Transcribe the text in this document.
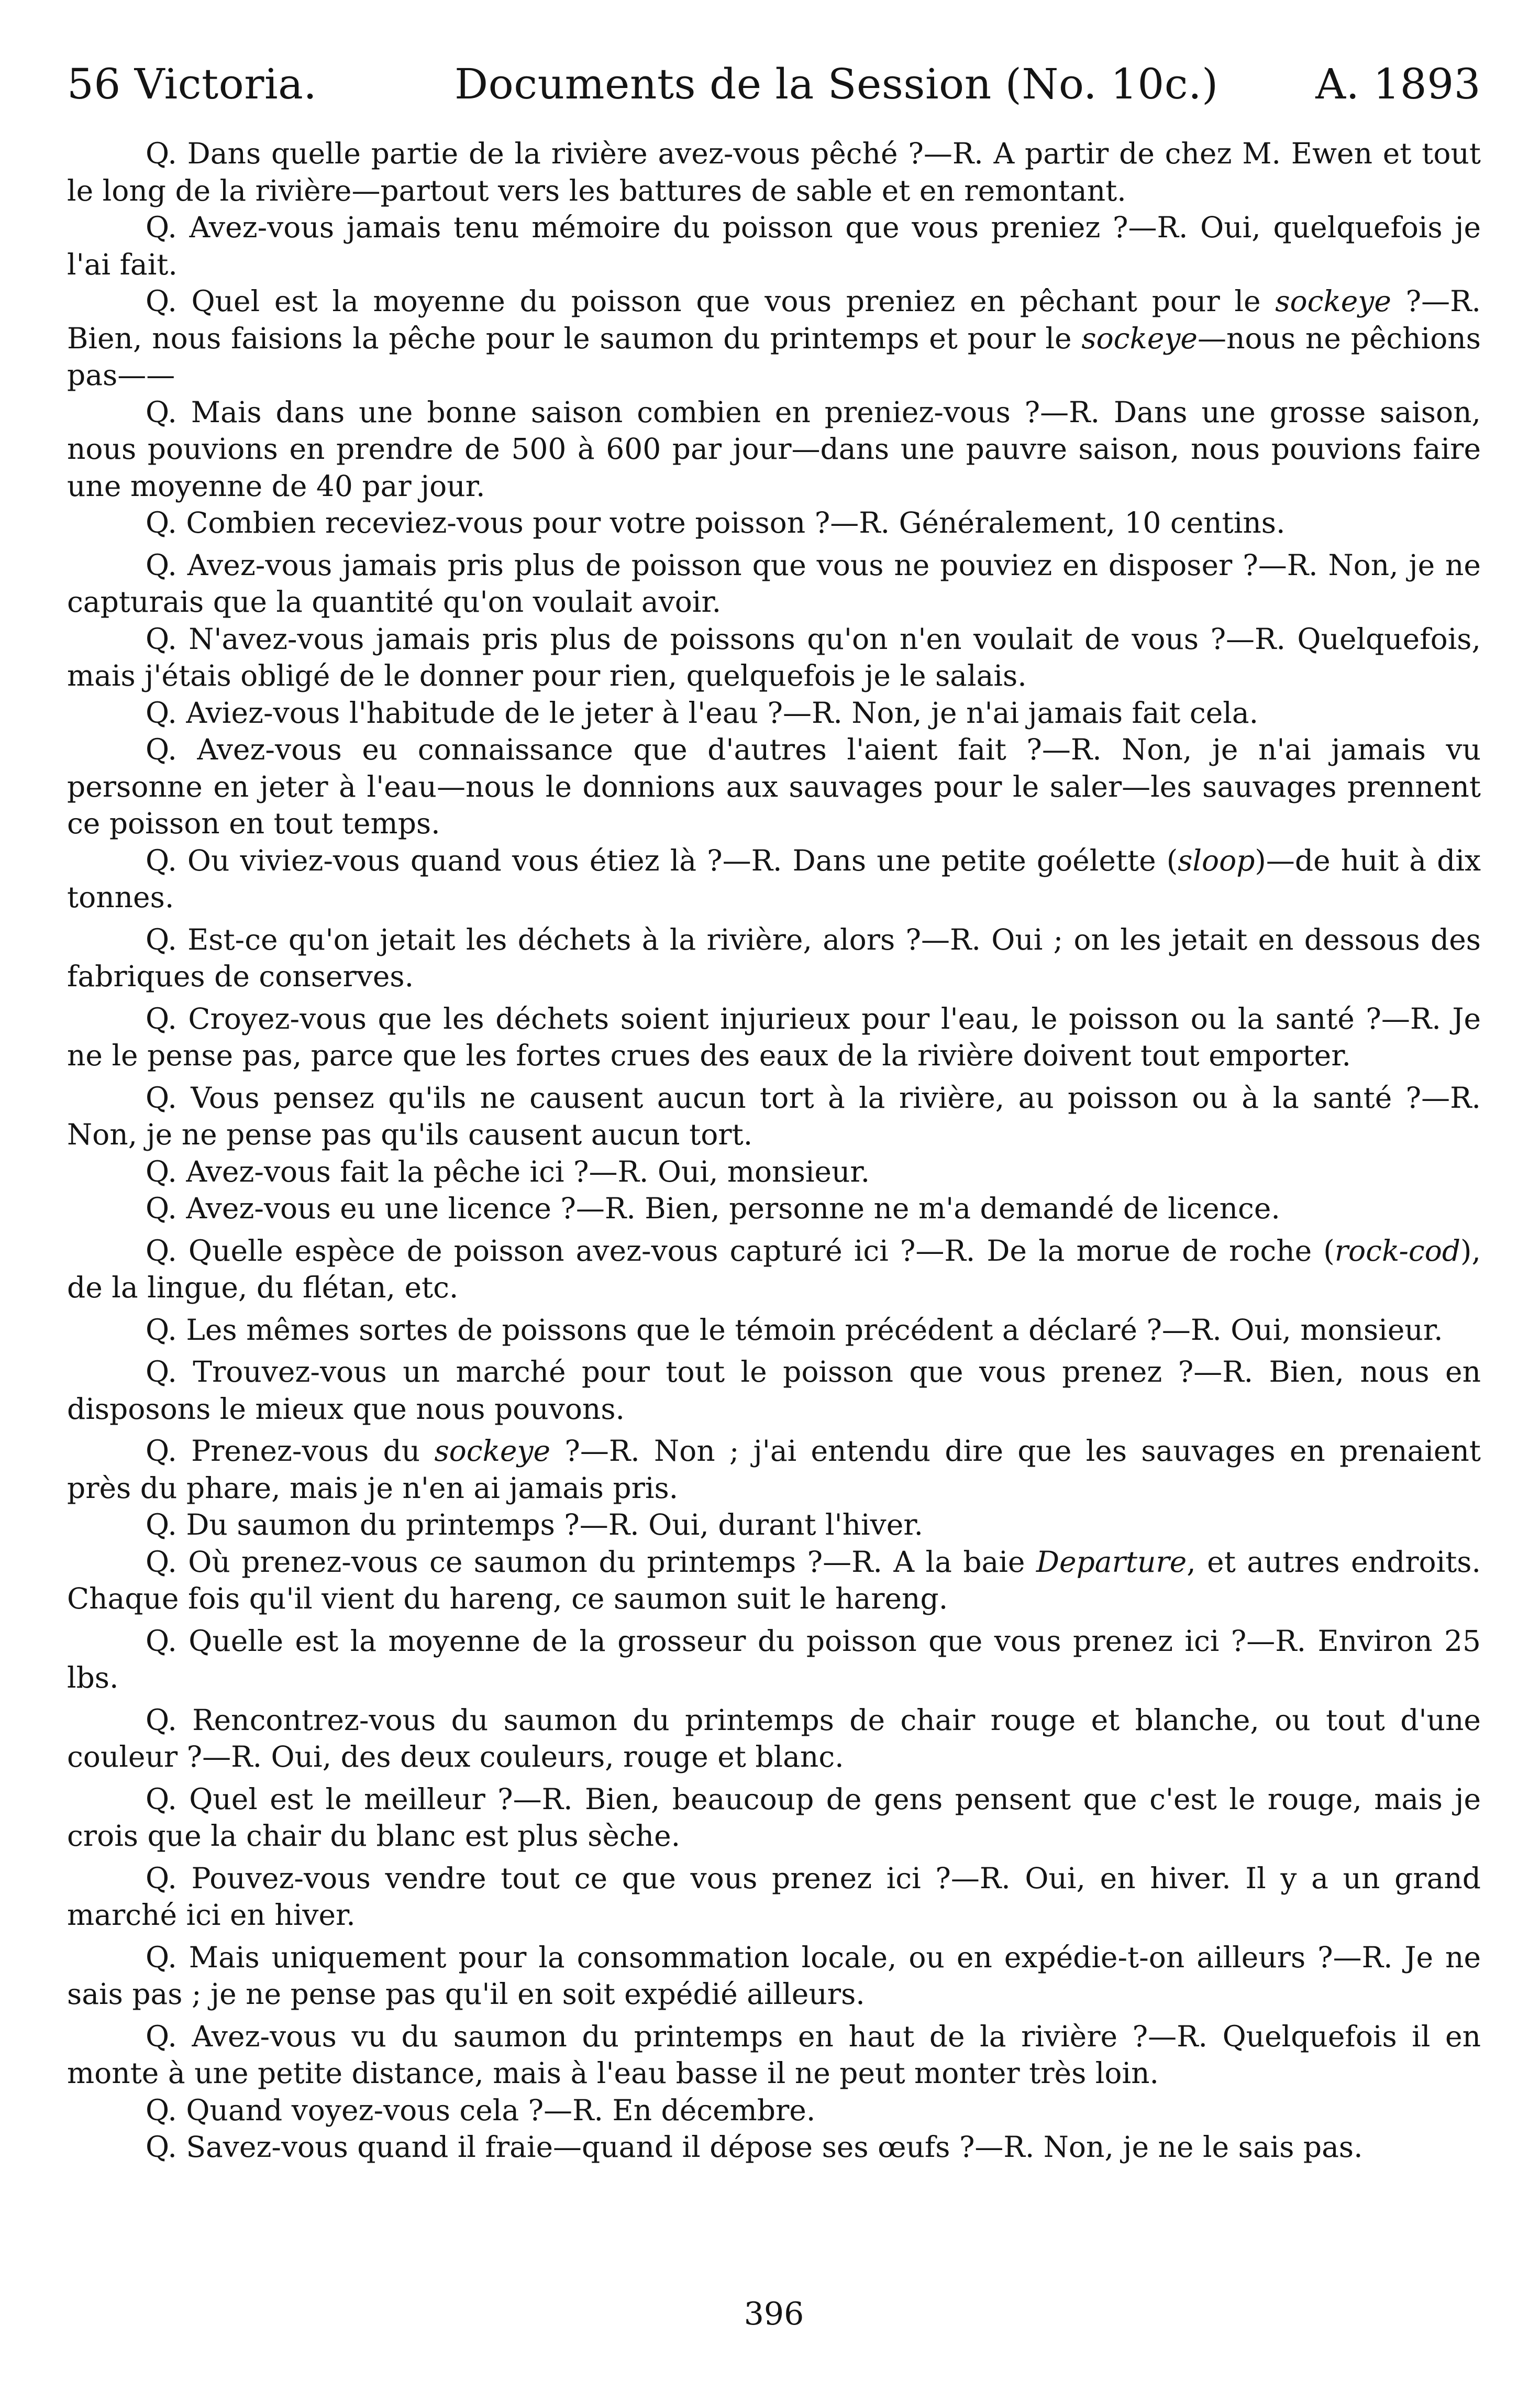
56 Victoria.	Documents de la Session (No. 10c.) A. 1893

Q. Dans quelle partie de la rivière avez-vous pêché ?—R. A partir de chez M. Ewen et tout le long de la rivière—partout vers les battures de sable et en remontant.

Q. Avez-vous jamais tenu mémoire du poisson que vous preniez ?—R. Oui, quelquefois je l'ai fait.

Q. Quel est la moyenne du poisson que vous preniez en pêchant pour le sockeye ?—R. Bien, nous faisions la pêche pour le saumon du printemps et pour le sockeye—nous ne pêchions pas——

Q. Mais dans une bonne saison combien en preniez-vous ?—R. Dans une grosse saison, nous pouvions en prendre de 500 à 600 par jour—dans une pauvre saison, nous pouvions faire une moyenne de 40 par jour.

Q. Combien receviez-vous pour votre poisson ?—R. Généralement, 10 centins.

Q. Avez-vous jamais pris plus de poisson que vous ne pouviez en disposer ?—R. Non, je ne capturais que la quantité qu'on voulait avoir.

Q. N'avez-vous jamais pris plus de poissons qu'on n'en voulait de vous ?—R. Quelquefois, mais j'étais obligé de le donner pour rien, quelquefois je le salais.

Q. Aviez-vous l'habitude de le jeter à l'eau ?—R. Non, je n'ai jamais fait cela.

Q. Avez-vous eu connaissance que d'autres l'aient fait ?—R. Non, je n'ai jamais vu personne en jeter à l'eau—nous le donnions aux sauvages pour le saler—les sauvages prennent ce poisson en tout temps.

Q. Ou viviez-vous quand vous étiez là ?—R. Dans une petite goélette (sloop)—de huit à dix tonnes.

Q. Est-ce qu'on jetait les déchets à la rivière, alors ?—R. Oui ; on les jetait en dessous des fabriques de conserves.

Q. Croyez-vous que les déchets soient injurieux pour l'eau, le poisson ou la santé ?—R. Je ne le pense pas, parce que les fortes crues des eaux de la rivière doivent tout emporter.

Q. Vous pensez qu'ils ne causent aucun tort à la rivière, au poisson ou à la santé ?—R. Non, je ne pense pas qu'ils causent aucun tort.

Q. Avez-vous fait la pêche ici ?—R. Oui, monsieur.

Q. Avez-vous eu une licence ?—R. Bien, personne ne m'a demandé de licence.

Q. Quelle espèce de poisson avez-vous capturé ici ?—R. De la morue de roche (rock-cod), de la lingue, du flétan, etc.

Q. Les mêmes sortes de poissons que le témoin précédent a déclaré ?—R. Oui, monsieur.

Q. Trouvez-vous un marché pour tout le poisson que vous prenez ?—R. Bien, nous en disposons le mieux que nous pouvons.

Q. Prenez-vous du sockeye ?—R. Non ; j'ai entendu dire que les sauvages en prenaient près du phare, mais je n'en ai jamais pris.

Q. Du saumon du printemps ?—R. Oui, durant l'hiver.

Q. Où prenez-vous ce saumon du printemps ?—R. A la baie Departure, et autres endroits. Chaque fois qu'il vient du hareng, ce saumon suit le hareng.

Q. Quelle est la moyenne de la grosseur du poisson que vous prenez ici ?—R. Environ 25 lbs.

Q. Rencontrez-vous du saumon du printemps de chair rouge et blanche, ou tout d'une couleur ?—R. Oui, des deux couleurs, rouge et blanc.

Q. Quel est le meilleur ?—R. Bien, beaucoup de gens pensent que c'est le rouge, mais je crois que la chair du blanc est plus sèche.

Q. Pouvez-vous vendre tout ce que vous prenez ici ?—R. Oui, en hiver. Il y a un grand marché ici en hiver.

Q. Mais uniquement pour la consommation locale, ou en expédie-t-on ailleurs ?—R. Je ne sais pas ; je ne pense pas qu'il en soit expédié ailleurs.

Q. Avez-vous vu du saumon du printemps en haut de la rivière ?—R. Quelquefois il en monte à une petite distance, mais à l'eau basse il ne peut monter très loin.

Q. Quand voyez-vous cela ?—R. En décembre.

Q. Savez-vous quand il fraie—quand il dépose ses œufs ?—R. Non, je ne le sais pas.

396
